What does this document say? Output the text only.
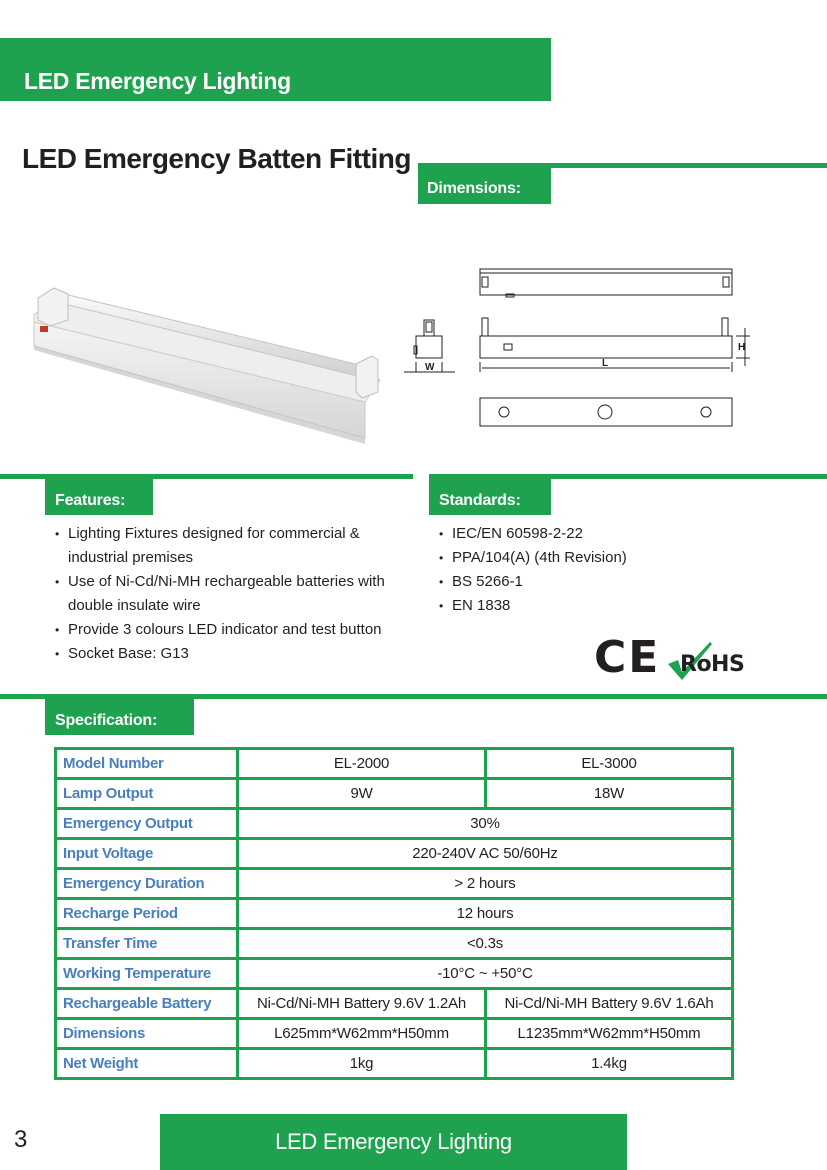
LED Emergency Lighting
LED Emergency Batten Fitting
Dimensions:
H
L
W
Features:
• Lighting Fixtures designed for commercial & industrial premises
• Use of Ni-Cd/Ni-MH rechargeable batteries with double insulate wire
• Provide 3 colours LED indicator and test button
• Socket Base: G13
Standards:
• IEC/EN 60598-2-22
• PPA/104(A) (4th Revision)
• BS 5266-1
• EN 1838
CE RoHS
Specification:
Model Number	EL-2000	EL-3000
Lamp Output	9W	18W
Emergency Output	30%	
Input Voltage	220-240V AC 50/60Hz	
Emergency Duration	> 2 hours	
Recharge Period	12 hours	
Transfer Time	<0.3s	
Working Temperature	-10°C ~ +50°C	
Rechargeable Battery	Ni-Cd/Ni-MH Battery 9.6V 1.2Ah	Ni-Cd/Ni-MH Battery 9.6V 1.6Ah
Dimensions	L625mm*W62mm*H50mm	L1235mm*W62mm*H50mm
Net Weight	1kg	1.4kg
3	LED Emergency Lighting
